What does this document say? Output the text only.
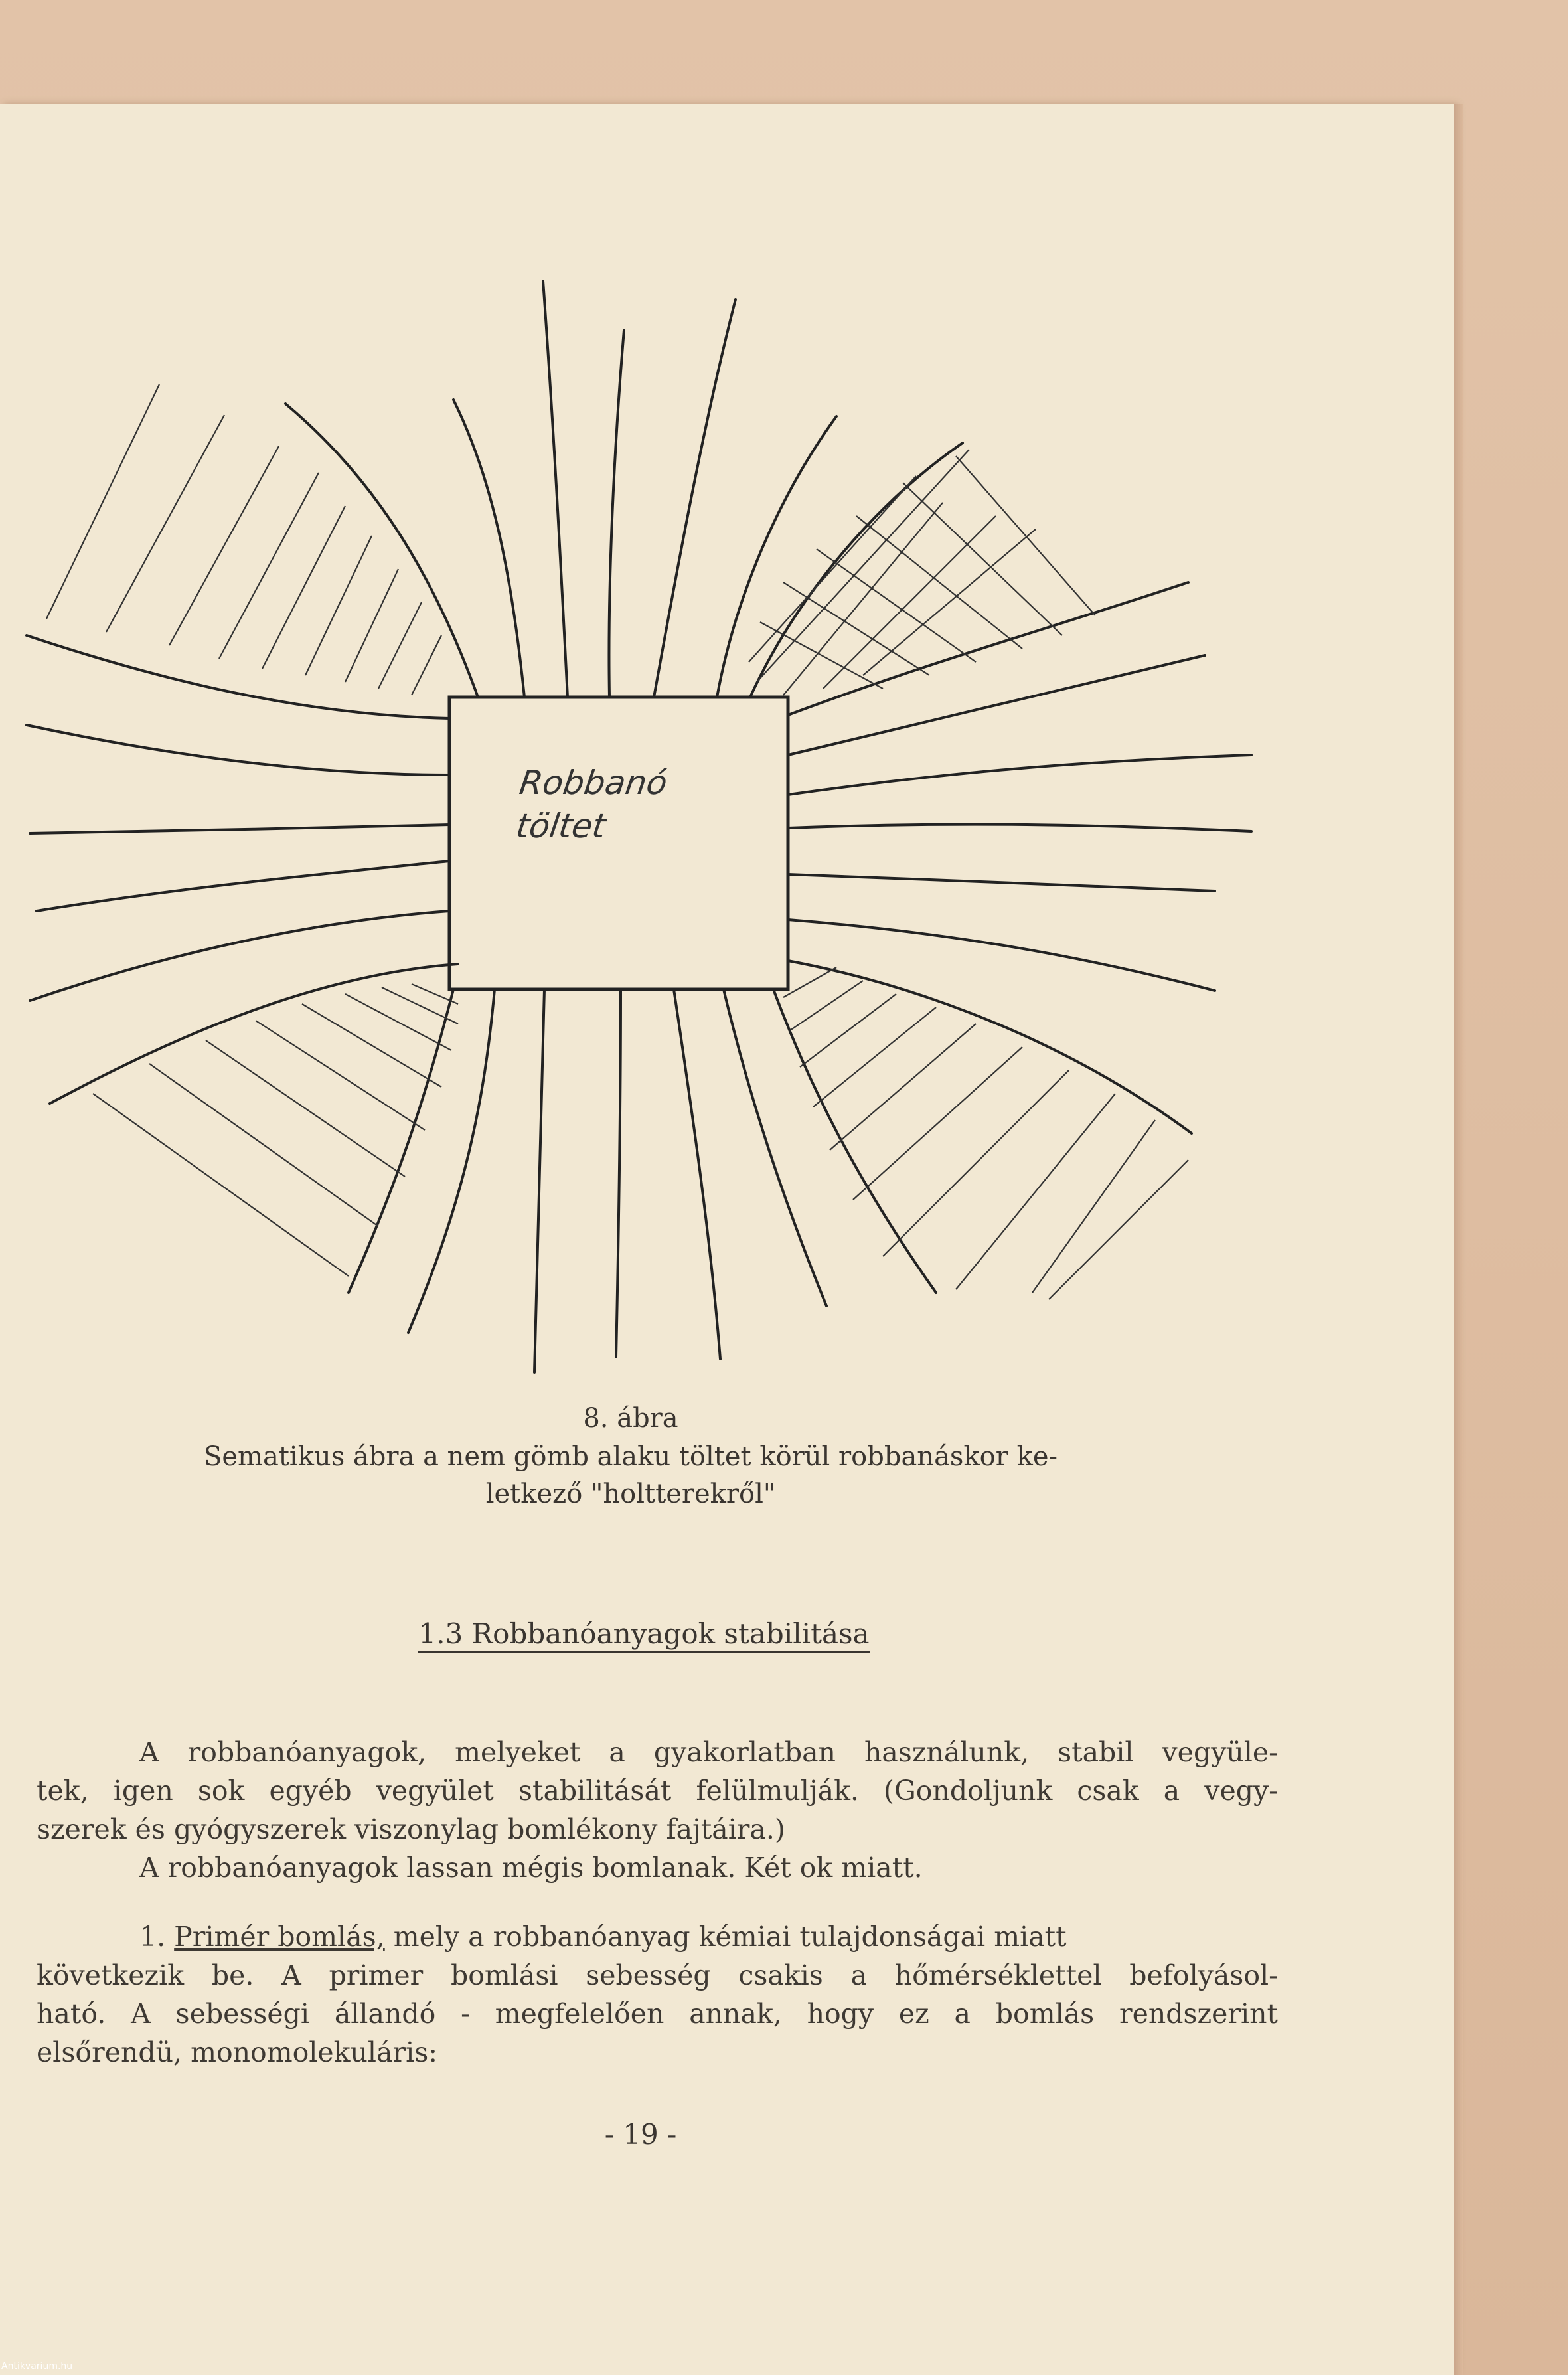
Robbanó
töltet
8. ábra
Sematikus ábra a nem gömb alaku töltet körül robbanáskor ke-
letkező "holtterekről"
1.3 Robbanóanyagok stabilitása
A robbanóanyagok, melyeket a gyakorlatban használunk, stabil vegyüle-
tek, igen sok egyéb vegyület stabilitását felülmulják. (Gondoljunk csak a vegy-
szerek és gyógyszerek viszonylag bomlékony fajtáira.)
A robbanóanyagok lassan mégis bomlanak. Két ok miatt.
1. Primér bomlás, mely a robbanóanyag kémiai tulajdonságai miatt
következik be. A primer bomlási sebesség csakis a hőmérséklettel befolyásol-
ható. A sebességi állandó - megfelelően annak, hogy ez a bomlás rendszerint
elsőrendü, monomolekuláris:
- 19 -
Antikvarium.hu
